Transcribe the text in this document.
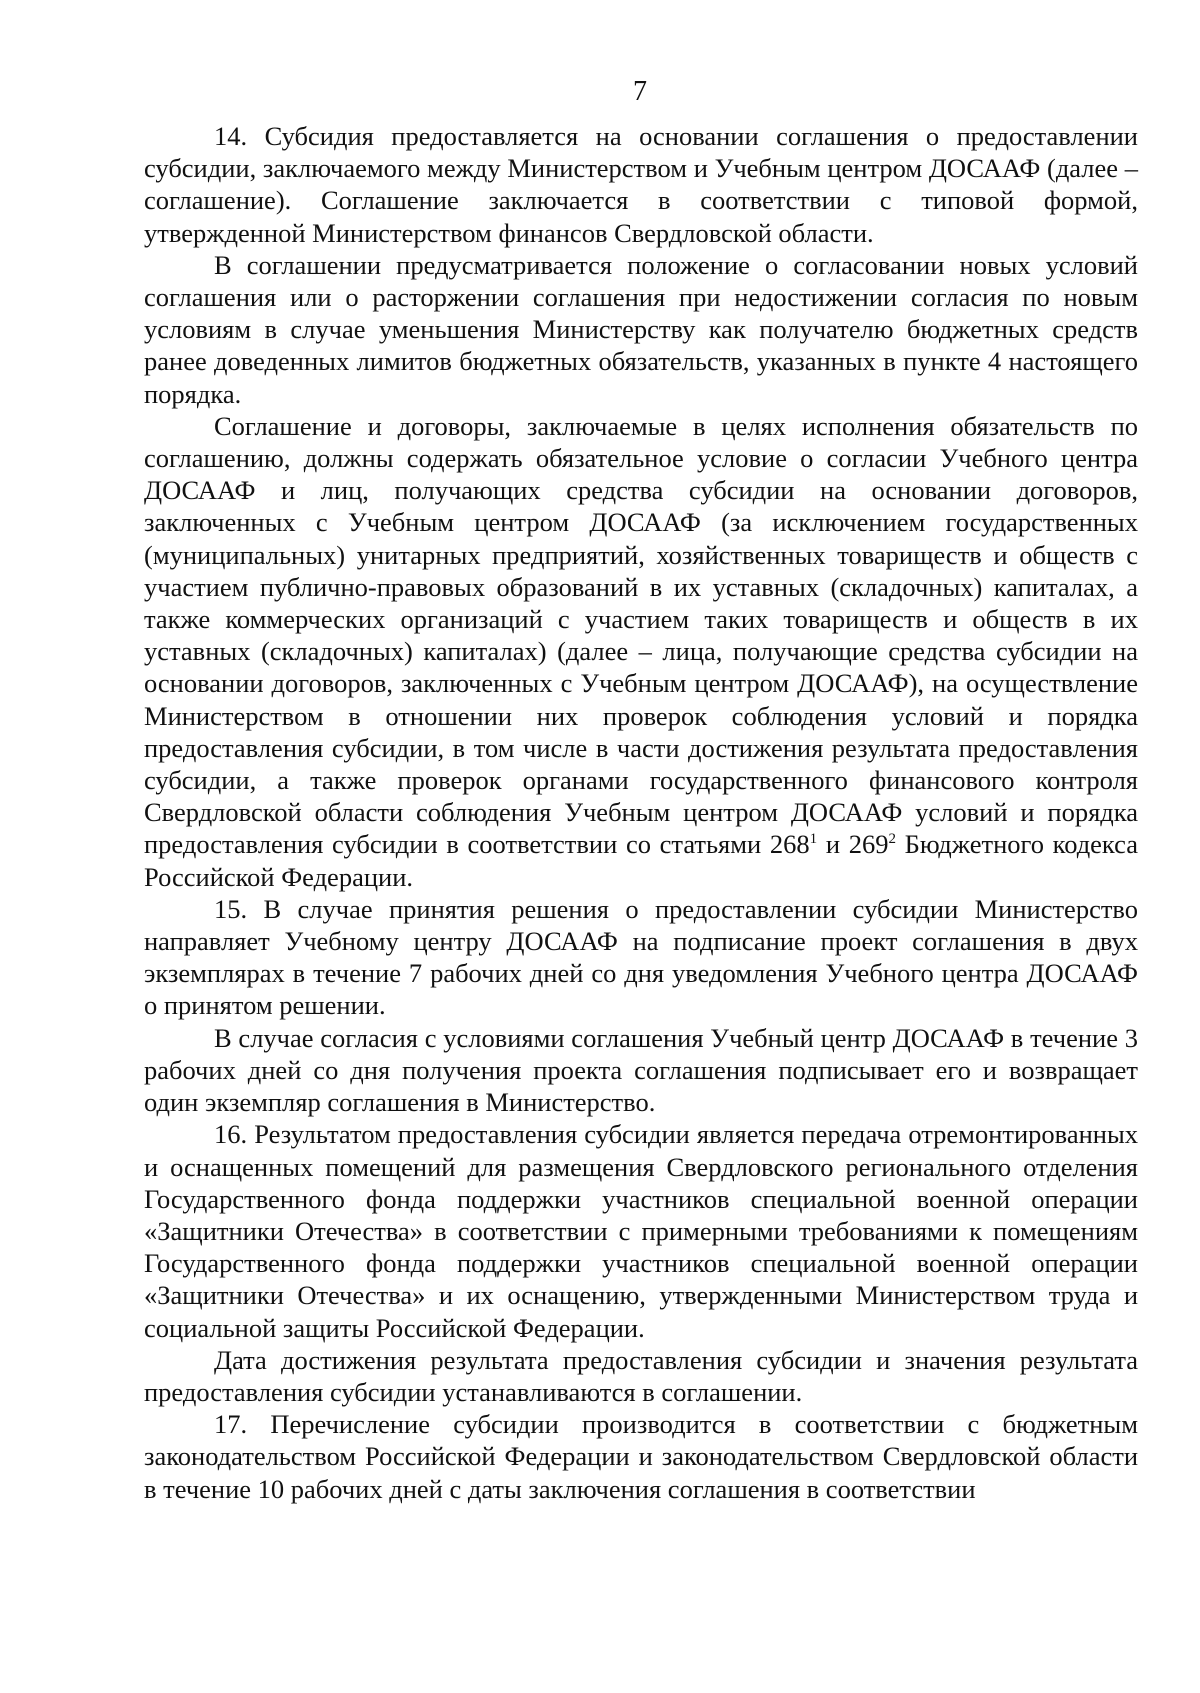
7

14. Субсидия предоставляется на основании соглашения о предоставлении субсидии, заключаемого между Министерством и Учебным центром ДОСААФ (далее – соглашение). Соглашение заключается в соответствии с типовой формой, утвержденной Министерством финансов Свердловской области.

В соглашении предусматривается положение о согласовании новых условий соглашения или о расторжении соглашения при недостижении согласия по новым условиям в случае уменьшения Министерству как получателю бюджетных средств ранее доведенных лимитов бюджетных обязательств, указанных в пункте 4 настоящего порядка.

Соглашение и договоры, заключаемые в целях исполнения обязательств по соглашению, должны содержать обязательное условие о согласии Учебного центра ДОСААФ и лиц, получающих средства субсидии на основании договоров, заключенных с Учебным центром ДОСААФ (за исключением государственных (муниципальных) унитарных предприятий, хозяйственных товариществ и обществ с участием публично-правовых образований в их уставных (складочных) капиталах, а также коммерческих организаций с участием таких товариществ и обществ в их уставных (складочных) капиталах) (далее – лица, получающие средства субсидии на основании договоров, заключенных с Учебным центром ДОСААФ), на осуществление Министерством в отношении них проверок соблюдения условий и порядка предоставления субсидии, в том числе в части достижения результата предоставления субсидии, а также проверок органами государственного финансового контроля Свердловской области соблюдения Учебным центром ДОСААФ условий и порядка предоставления субсидии в соответствии со статьями $268^1$ и $269^2$ Бюджетного кодекса Российской Федерации.

15. В случае принятия решения о предоставлении субсидии Министерство направляет Учебному центру ДОСААФ на подписание проект соглашения в двух экземплярах в течение 7 рабочих дней со дня уведомления Учебного центра ДОСААФ о принятом решении.

В случае согласия с условиями соглашения Учебный центр ДОСААФ в течение 3 рабочих дней со дня получения проекта соглашения подписывает его и возвращает один экземпляр соглашения в Министерство.

16. Результатом предоставления субсидии является передача отремонтированных и оснащенных помещений для размещения Свердловского регионального отделения Государственного фонда поддержки участников специальной военной операции «Защитники Отечества» в соответствии с примерными требованиями к помещениям Государственного фонда поддержки участников специальной военной операции «Защитники Отечества» и их оснащению, утвержденными Министерством труда и социальной защиты Российской Федерации.

Дата достижения результата предоставления субсидии и значения результата предоставления субсидии устанавливаются в соглашении.

17. Перечисление субсидии производится в соответствии с бюджетным законодательством Российской Федерации и законодательством Свердловской области в течение 10 рабочих дней с даты заключения соглашения в соответствии
